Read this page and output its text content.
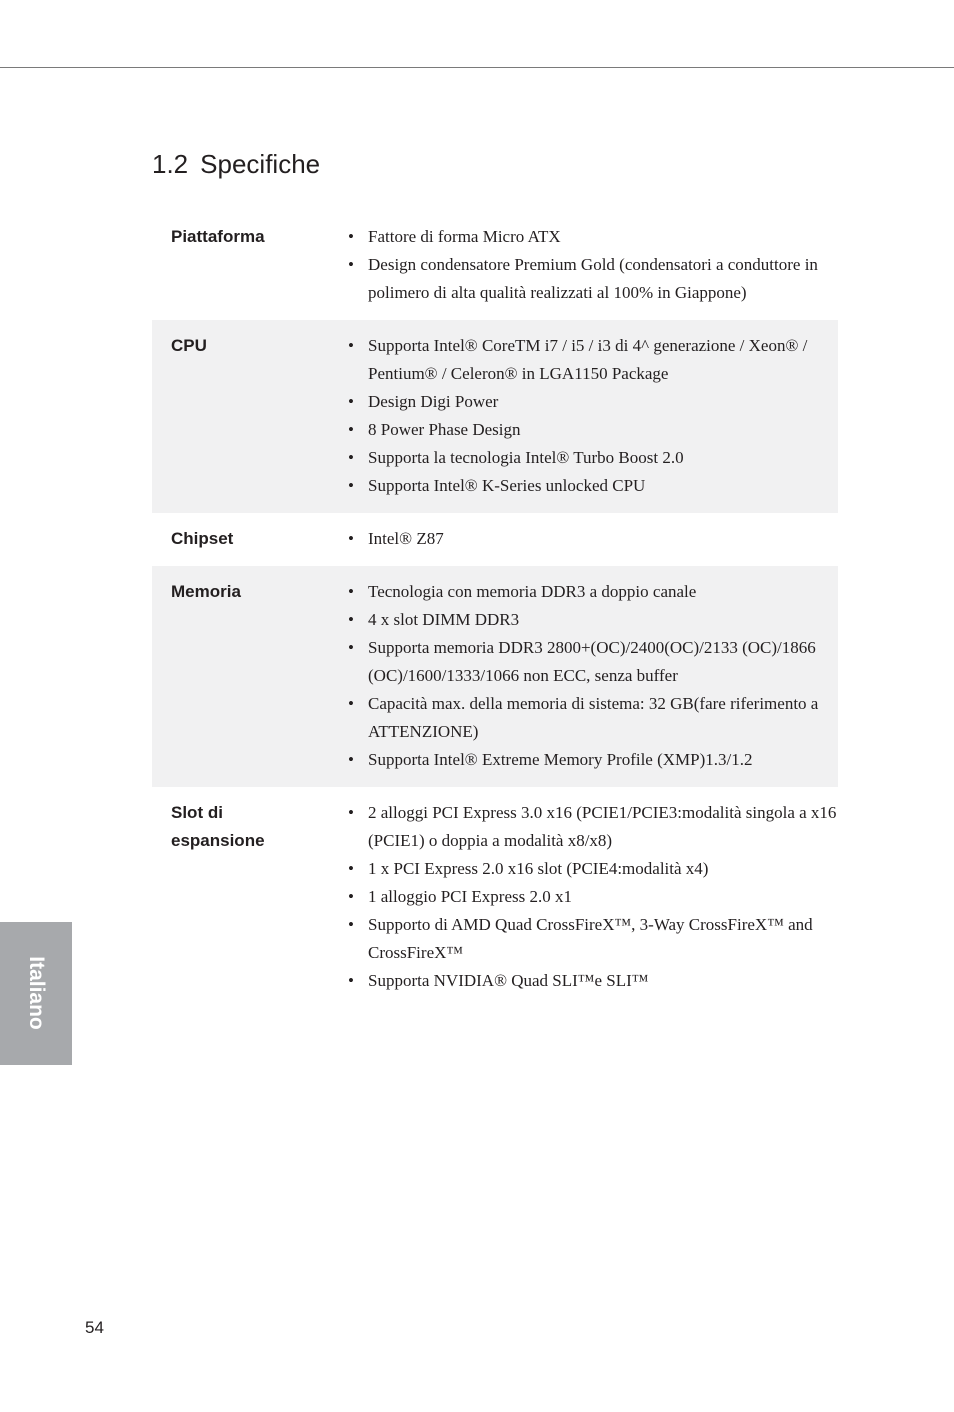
1.2 Specifiche
Piattaforma	• Fattore di forma Micro ATX
• Design condensatore Premium Gold (condensatori a conduttore in polimero di alta qualità realizzati al 100% in Giappone)
CPU	• Supporta Intel® CoreTM i7 / i5 / i3 di 4^ generazione / Xeon® / Pentium® / Celeron® in LGA1150 Package
• Design Digi Power
• 8 Power Phase Design
• Supporta la tecnologia Intel® Turbo Boost 2.0
• Supporta Intel® K-Series unlocked CPU
Chipset	• Intel® Z87
Memoria	• Tecnologia con memoria DDR3 a doppio canale
• 4 x slot DIMM DDR3
• Supporta memoria DDR3 2800+(OC)/2400(OC)/2133 (OC)/1866 (OC)/1600/1333/1066 non ECC, senza buffer
• Capacità max. della memoria di sistema: 32 GB(fare riferimento a ATTENZIONE)
• Supporta Intel® Extreme Memory Profile (XMP)1.3/1.2
Slot di
espansione
• 2 alloggi PCI Express 3.0 x16 (PCIE1/PCIE3:modalità singola a x16 (PCIE1) o doppia a modalità x8/x8)
• 1 x PCI Express 2.0 x16 slot (PCIE4:modalità x4)
• 1 alloggio PCI Express 2.0 x1
• Supporto di AMD Quad CrossFireX™, 3-Way CrossFireX™ and CrossFireX™
• Supporta NVIDIA® Quad SLI™e SLI™
Italiano
54
